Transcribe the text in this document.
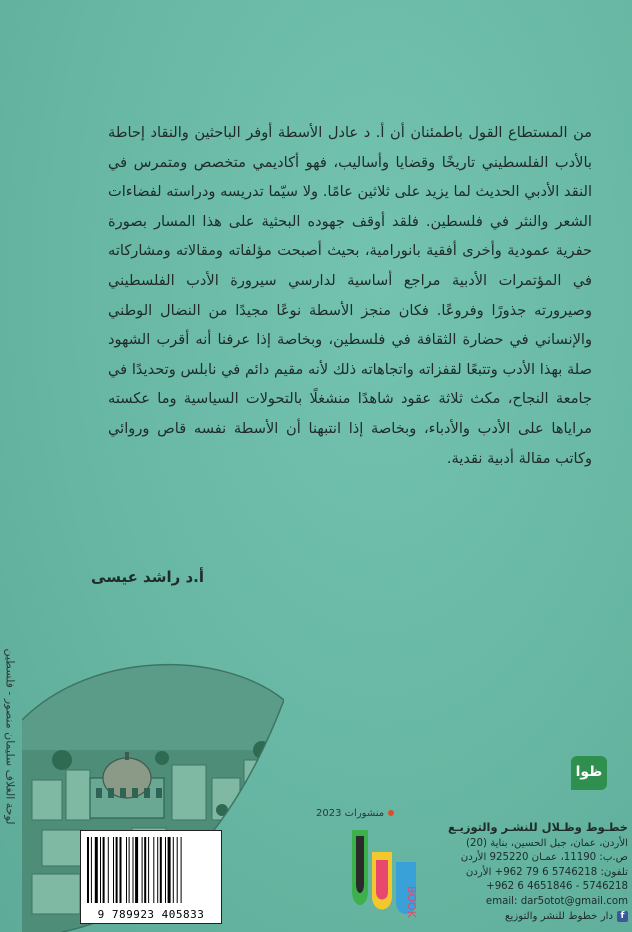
من المستطاع القول باطمئنان أن أ. د عادل الأسطة أوفر الباحثين والنقاد إحاطة بالأدب الفلسطيني تاريخًا وقضايا وأساليب، فهو أكاديمي متخصص ومتمرس في النقد الأدبي الحديث لما يزيد على ثلاثين عامًا. ولا سيّما تدريسه ودراسته لفضاءات الشعر والنثر في فلسطين. فلقد أوقف جهوده البحثية على هذا المسار بصورة حفرية عمودية وأخرى أفقية بانورامية، بحيث أصبحت مؤلفاته ومقالاته ومشاركاته في المؤتمرات الأدبية مراجع أساسية لدارسي سيرورة الأدب الفلسطيني وصيرورته جذورًا وفروعًا. فكان منجز الأسطة نوعًا مجيدًا من النضال الوطني والإنساني في حضارة الثقافة في فلسطين، وبخاصة إذا عرفنا أنه أقرب الشهود صلة بهذا الأدب وتتبعًا لقفزاته واتجاهاته ذلك لأنه مقيم دائم في نابلس وتحديدًا في جامعة النجاح، مكث ثلاثة عقود شاهدًا منشغلًا بالتحولات السياسية وما عكسته مراياها على الأدب والأدباء، وبخاصة إذا انتبهنا أن الأسطة نفسه قاص وروائي وكاتب مقالة أدبية نقدية.

أ.د راشد عيسى
لوحة الغلاف سليمان منصور - فلسطين
9 789923 405833
ظوا
منشورات 2023
BOOK
خطـوط وظـلال للنشـر والتوزيـع
الأردن، عمان، جبل الحسين، بناية (20)
ص.ب: 11190، عمـان 925220 الأردن
تلفون: 5746218 6 79 962+ الأردن
+962 6 4651846 - 5746218
email: dar5otot@gmail.com
f
دار خطوط للنشر والتوزيع
